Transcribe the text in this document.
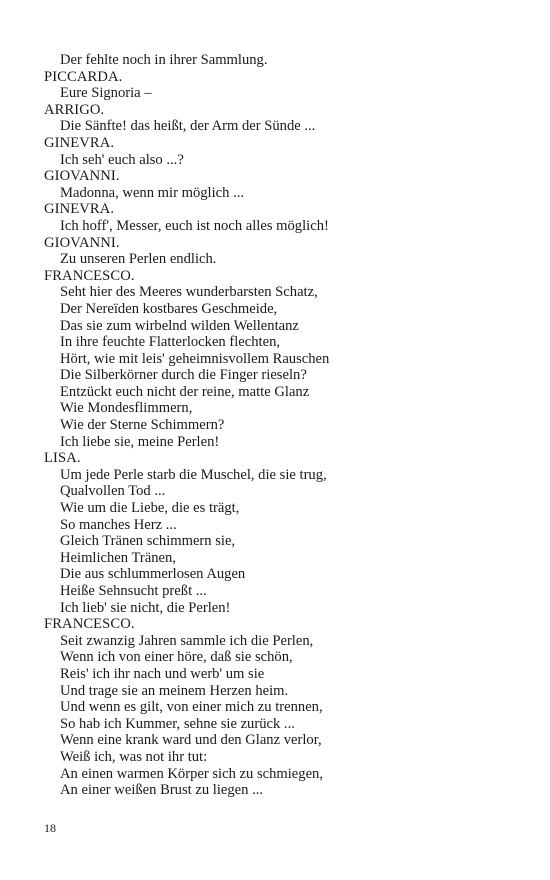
Der fehlte noch in ihrer Sammlung.
PICCARDA.
Eure Signoria –
ARRIGO.
Die Sänfte! das heißt, der Arm der Sünde ...
GINEVRA.
Ich seh' euch also ...?
GIOVANNI.
Madonna, wenn mir möglich ...
GINEVRA.
Ich hoff', Messer, euch ist noch alles möglich!
GIOVANNI.
Zu unseren Perlen endlich.
FRANCESCO.
Seht hier des Meeres wunderbarsten Schatz,
Der Nereïden kostbares Geschmeide,
Das sie zum wirbelnd wilden Wellentanz
In ihre feuchte Flatterlocken flechten,
Hört, wie mit leis' geheimnisvollem Rauschen
Die Silberkörner durch die Finger rieseln?
Entzückt euch nicht der reine, matte Glanz
Wie Mondesflimmern,
Wie der Sterne Schimmern?
Ich liebe sie, meine Perlen!
LISA.
Um jede Perle starb die Muschel, die sie trug,
Qualvollen Tod ...
Wie um die Liebe, die es trägt,
So manches Herz ...
Gleich Tränen schimmern sie,
Heimlichen Tränen,
Die aus schlummerlosen Augen
Heiße Sehnsucht preßt ...
Ich lieb' sie nicht, die Perlen!
FRANCESCO.
Seit zwanzig Jahren sammle ich die Perlen,
Wenn ich von einer höre, daß sie schön,
Reis' ich ihr nach und werb' um sie
Und trage sie an meinem Herzen heim.
Und wenn es gilt, von einer mich zu trennen,
So hab ich Kummer, sehne sie zurück ...
Wenn eine krank ward und den Glanz verlor,
Weiß ich, was not ihr tut:
An einen warmen Körper sich zu schmiegen,
An einer weißen Brust zu liegen ...
18
